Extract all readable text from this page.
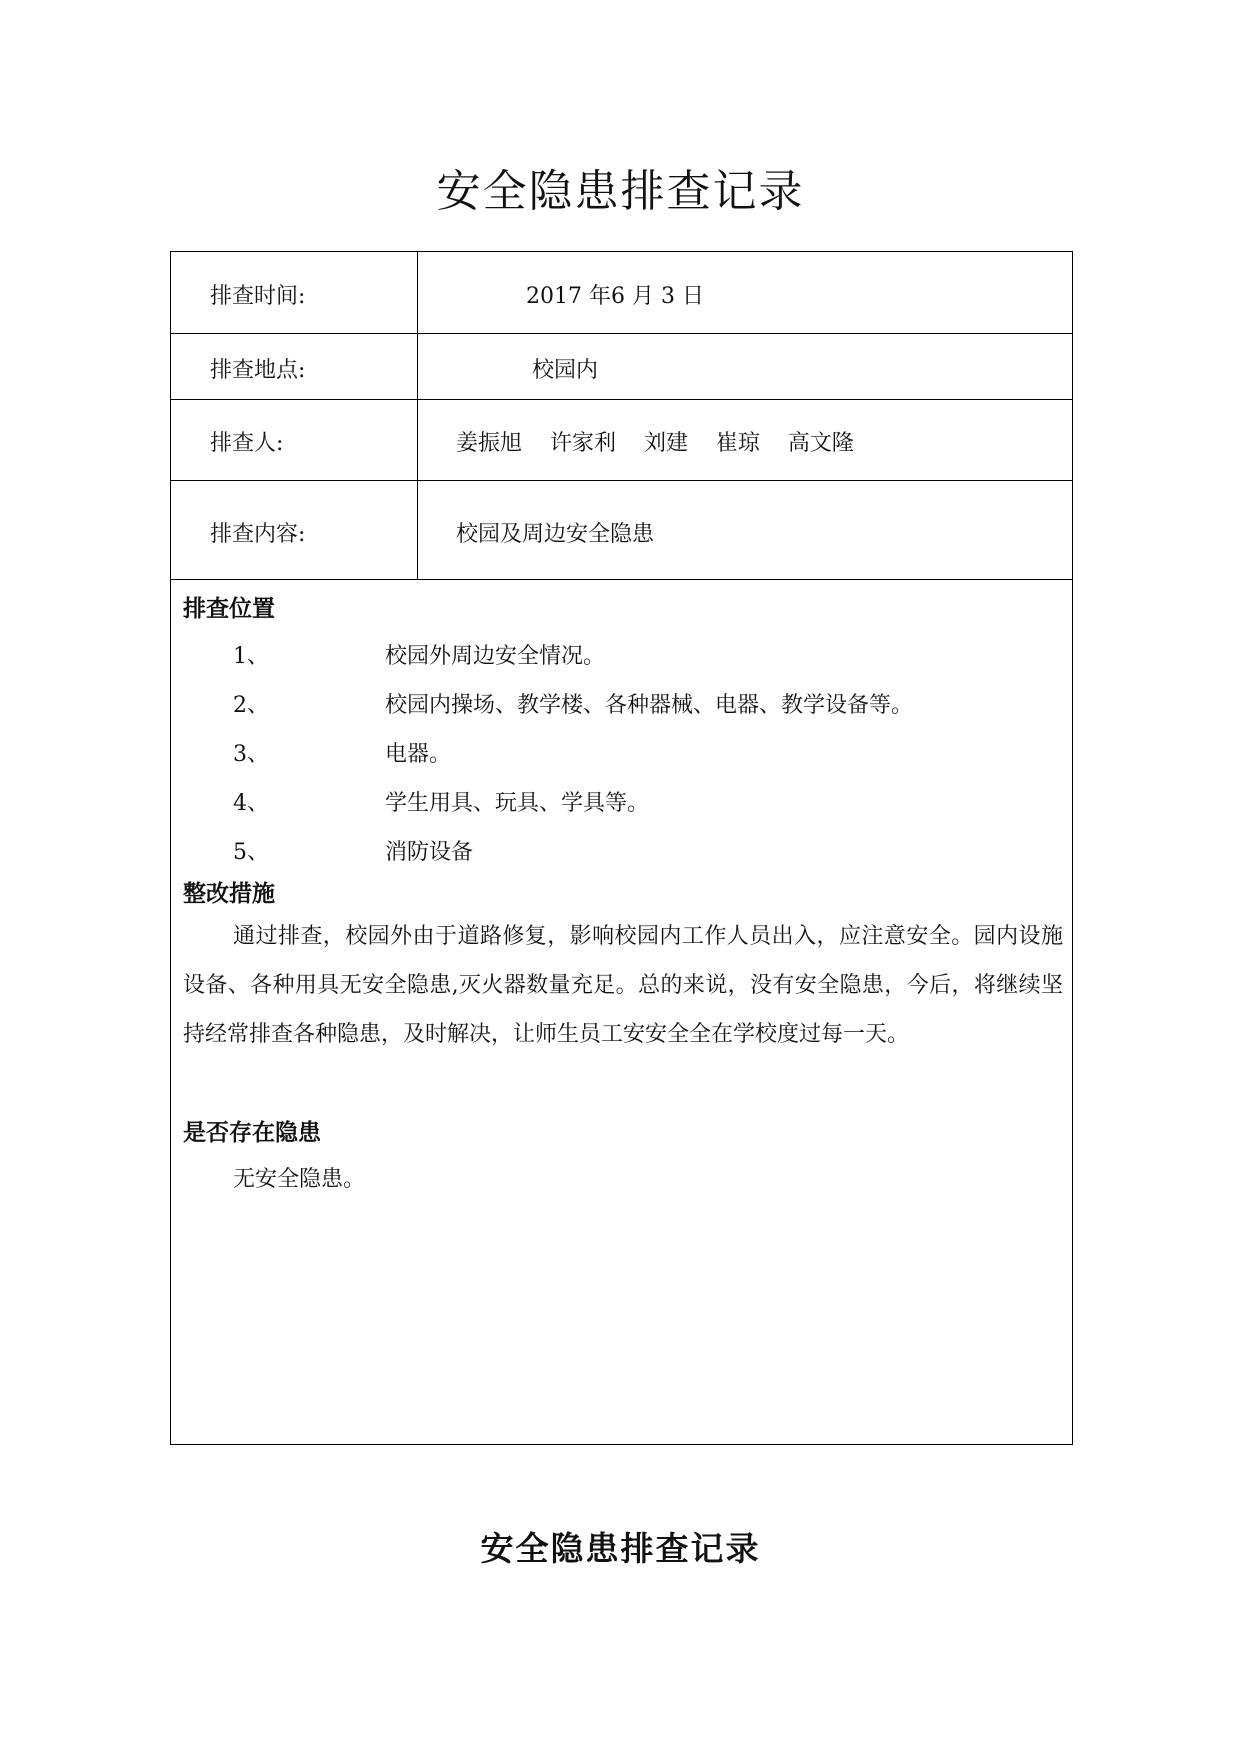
安全隐患排查记录
排查时间:	2017 年6 月 3 日
排查地点:	校园内
排查人:	姜振旭    许家利    刘建    崔琼    高文隆
排查内容:	校园及周边安全隐患
排查位置
1、	校园外周边安全情况。
2、	校园内操场、教学楼、各种器械、电器、教学设备等。
3、	电器。
4、	学生用具、玩具、学具等。
5、	消防设备
整改措施

通过排查，校园外由于道路修复，影响校园内工作人员出入，应注意安全。园内设施设备、各种用具无安全隐患,灭火器数量充足。总的来说，没有安全隐患，今后，将继续坚持经常排查各种隐患，及时解决，让师生员工安安全全在学校度过每一天。

是否存在隐患
无安全隐患。
安全隐患排查记录
